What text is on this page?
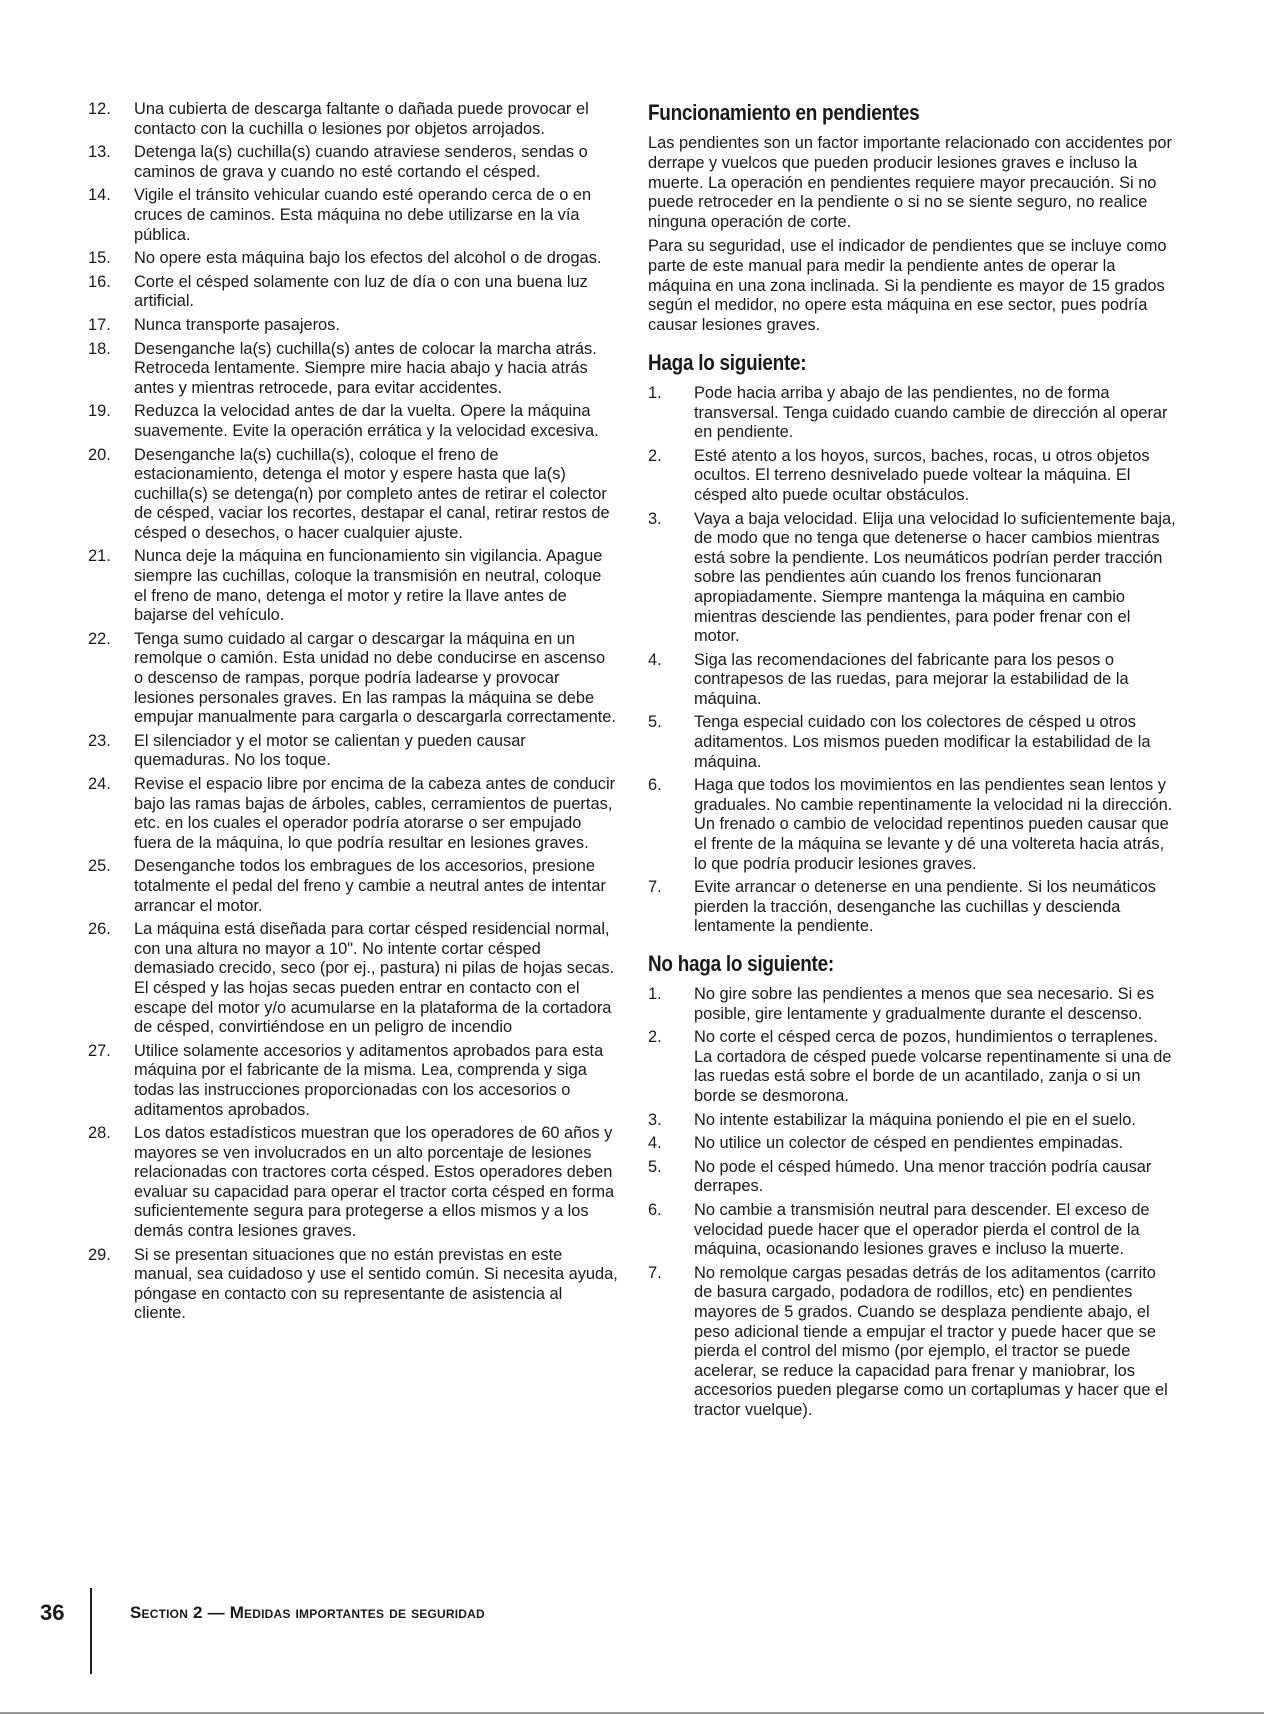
12.	Una cubierta de descarga faltante o dañada puede provocar el contacto con la cuchilla o lesiones por objetos arrojados.
13.	Detenga la(s) cuchilla(s) cuando atraviese senderos, sendas o caminos de grava y cuando no esté cortando el césped.
14.	Vigile el tránsito vehicular cuando esté operando cerca de o en cruces de caminos. Esta máquina no debe utilizarse en la vía pública.
15.	No opere esta máquina bajo los efectos del alcohol o de drogas.
16.	Corte el césped solamente con luz de día o con una buena luz artificial.
17.	Nunca transporte pasajeros.
18.	Desenganche la(s) cuchilla(s) antes de colocar la marcha atrás. Retroceda lentamente. Siempre mire hacia abajo y hacia atrás antes y mientras retrocede, para evitar accidentes.
19.	Reduzca la velocidad antes de dar la vuelta. Opere la máquina suavemente. Evite la operación errática y la velocidad excesiva.
20.	Desenganche la(s) cuchilla(s), coloque el freno de estacionamiento, detenga el motor y espere hasta que la(s) cuchilla(s) se detenga(n) por completo antes de retirar el colector de césped, vaciar los recortes, destapar el canal, retirar restos de césped o desechos, o hacer cualquier ajuste.
21.	Nunca deje la máquina en funcionamiento sin vigilancia. Apague siempre las cuchillas, coloque la transmisión en neutral, coloque el freno de mano, detenga el motor y retire la llave antes de bajarse del vehículo.
22.	Tenga sumo cuidado al cargar o descargar la máquina en un remolque o camión. Esta unidad no debe conducirse en ascenso o descenso de rampas, porque podría ladearse y provocar lesiones personales graves. En las rampas la máquina se debe empujar manualmente para cargarla o descargarla correctamente.
23.	El silenciador y el motor se calientan y pueden causar quemaduras. No los toque.
24.	Revise el espacio libre por encima de la cabeza antes de conducir bajo las ramas bajas de árboles, cables, cerramientos de puertas, etc. en los cuales el operador podría atorarse o ser empujado fuera de la máquina, lo que podría resultar en lesiones graves.
25.	Desenganche todos los embragues de los accesorios, presione totalmente el pedal del freno y cambie a neutral antes de intentar arrancar el motor.
26.	La máquina está diseñada para cortar césped residencial normal, con una altura no mayor a 10". No intente cortar césped demasiado crecido, seco (por ej., pastura) ni pilas de hojas secas. El césped y las hojas secas pueden entrar en contacto con el escape del motor y/o acumularse en la plataforma de la cortadora de césped, convirtiéndose en un peligro de incendio
27.	Utilice solamente accesorios y aditamentos aprobados para esta máquina por el fabricante de la misma. Lea, comprenda y siga todas las instrucciones proporcionadas con los accesorios o aditamentos aprobados.
28.	Los datos estadísticos muestran que los operadores de 60 años y mayores se ven involucrados en un alto porcentaje de lesiones relacionadas con tractores corta césped. Estos operadores deben evaluar su capacidad para operar el tractor corta césped en forma suficientemente segura para protegerse a ellos mismos y a los demás contra lesiones graves.
29.	Si se presentan situaciones que no están previstas en este manual, sea cuidadoso y use el sentido común. Si necesita ayuda, póngase en contacto con su representante de asistencia al cliente.
Funcionamiento en pendientes

Las pendientes son un factor importante relacionado con accidentes por derrape y vuelcos que pueden producir lesiones graves e incluso la muerte. La operación en pendientes requiere mayor precaución. Si no puede retroceder en la pendiente o si no se siente seguro, no realice ninguna operación de corte.

Para su seguridad, use el indicador de pendientes que se incluye como parte de este manual para medir la pendiente antes de operar la máquina en una zona inclinada. Si la pendiente es mayor de 15 grados según el medidor, no opere esta máquina en ese sector, pues podría causar lesiones graves.

Haga lo siguiente:
1.	Pode hacia arriba y abajo de las pendientes, no de forma transversal. Tenga cuidado cuando cambie de dirección al operar en pendiente.
2.	Esté atento a los hoyos, surcos, baches, rocas, u otros objetos ocultos. El terreno desnivelado puede voltear la máquina. El césped alto puede ocultar obstáculos.
3.	Vaya a baja velocidad. Elija una velocidad lo suficientemente baja, de modo que no tenga que detenerse o hacer cambios mientras está sobre la pendiente. Los neumáticos podrían perder tracción sobre las pendientes aún cuando los frenos funcionaran apropiadamente. Siempre mantenga la máquina en cambio mientras desciende las pendientes, para poder frenar con el motor.
4.	Siga las recomendaciones del fabricante para los pesos o contrapesos de las ruedas, para mejorar la estabilidad de la máquina.
5.	Tenga especial cuidado con los colectores de césped u otros aditamentos. Los mismos pueden modificar la estabilidad de la máquina.
6.	Haga que todos los movimientos en las pendientes sean lentos y graduales. No cambie repentinamente la velocidad ni la dirección. Un frenado o cambio de velocidad repentinos pueden causar que el frente de la máquina se levante y dé una voltereta hacia atrás, lo que podría producir lesiones graves.
7.	Evite arrancar o detenerse en una pendiente. Si los neumáticos pierden la tracción, desenganche las cuchillas y descienda lentamente la pendiente.
No haga lo siguiente:
1.	No gire sobre las pendientes a menos que sea necesario. Si es posible, gire lentamente y gradualmente durante el descenso.
2.	No corte el césped cerca de pozos, hundimientos o terraplenes. La cortadora de césped puede volcarse repentinamente si una de las ruedas está sobre el borde de un acantilado, zanja o si un borde se desmorona.
3.	No intente estabilizar la máquina poniendo el pie en el suelo.
4.	No utilice un colector de césped en pendientes empinadas.
5.	No pode el césped húmedo. Una menor tracción podría causar derrapes.
6.	No cambie a transmisión neutral para descender. El exceso de velocidad puede hacer que el operador pierda el control de la máquina, ocasionando lesiones graves e incluso la muerte.
7.	No remolque cargas pesadas detrás de los aditamentos (carrito de basura cargado, podadora de rodillos, etc) en pendientes mayores de 5 grados. Cuando se desplaza pendiente abajo, el peso adicional tiende a empujar el tractor y puede hacer que se pierda el control del mismo (por ejemplo, el tractor se puede acelerar, se reduce la capacidad para frenar y maniobrar, los accesorios pueden plegarse como un cortaplumas y hacer que el tractor vuelque).
36	Section 2 — Medidas importantes de seguridad
